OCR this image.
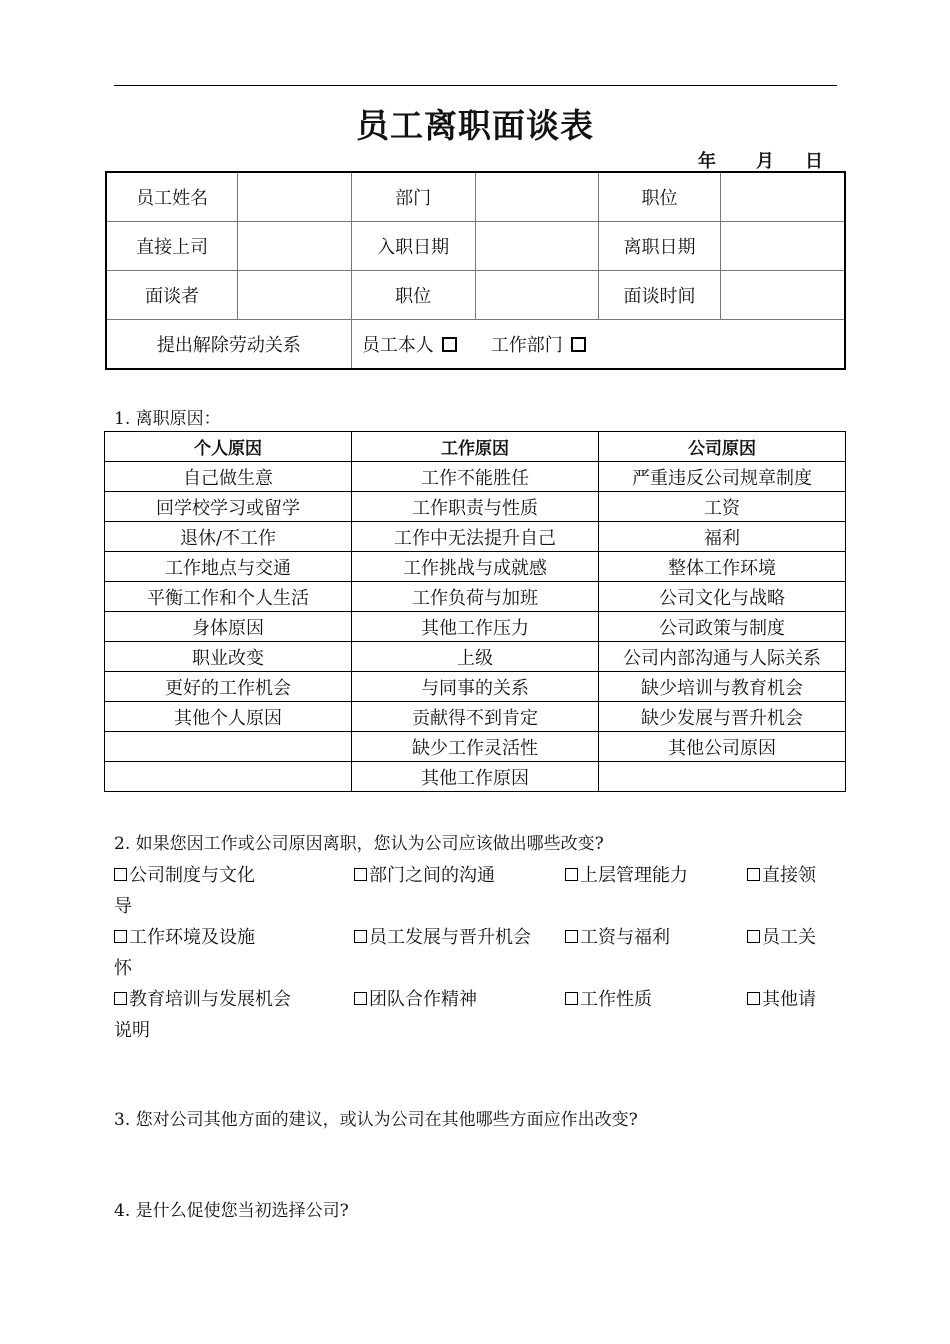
员工离职面谈表
年 月 日
员工姓名		部门		职位	
直接上司		入职日期		离职日期	
面谈者		职位		面谈时间	
提出解除劳动关系		员工本人 工作部门			
1. 离职原因：
个人原因	工作原因	公司原因
自己做生意	工作不能胜任	严重违反公司规章制度
回学校学习或留学	工作职责与性质	工资
退休/不工作	工作中无法提升自己	福利
工作地点与交通	工作挑战与成就感	整体工作环境
平衡工作和个人生活	工作负荷与加班	公司文化与战略
身体原因	其他工作压力	公司政策与制度
职业改变	上级	公司内部沟通与人际关系
更好的工作机会	与同事的关系	缺少培训与教育机会
其他个人原因	贡献得不到肯定	缺少发展与晋升机会
	缺少工作灵活性	其他公司原因
	其他工作原因	
2. 如果您因工作或公司原因离职，您认为公司应该做出哪些改变?
公司制度与文化	部门之间的沟通	上层管理能力	直接领
导
工作环境及设施	员工发展与晋升机会	工资与福利	员工关
怀
教育培训与发展机会	团队合作精神	工作性质	其他请
说明
3. 您对公司其他方面的建议，或认为公司在其他哪些方面应作出改变?
4. 是什么促使您当初选择公司?
